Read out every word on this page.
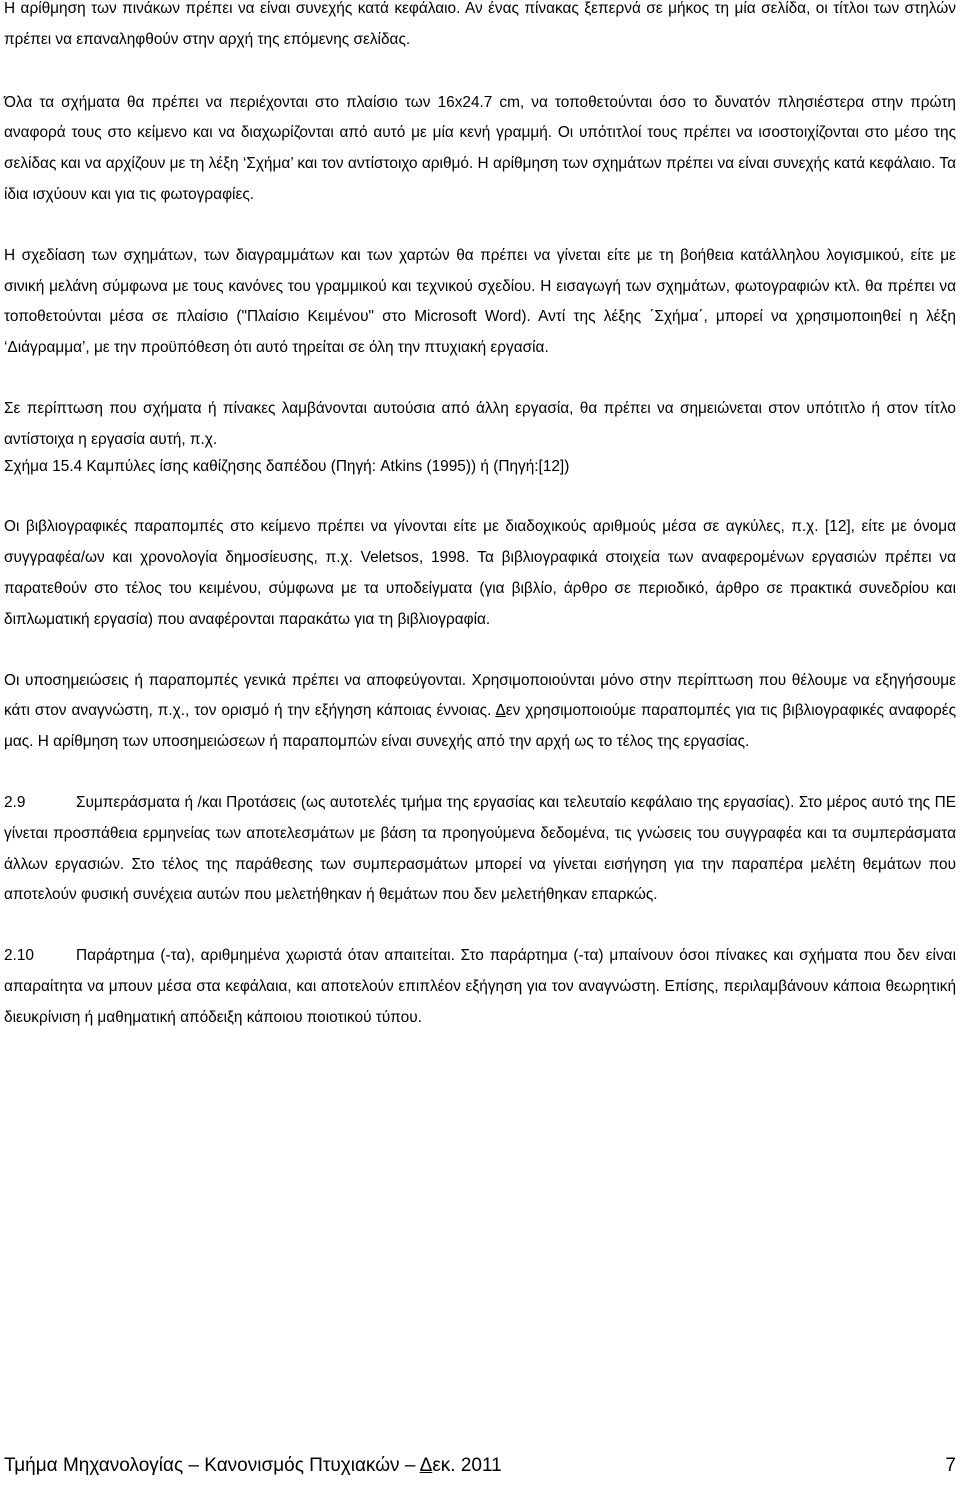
Η αρίθμηση των πινάκων πρέπει να είναι συνεχής κατά κεφάλαιο. Αν ένας πίνακας ξεπερνά σε μήκος τη μία σελίδα, οι τίτλοι των στηλών πρέπει να επαναληφθούν στην αρχή της επόμενης σελίδας.

Όλα τα σχήματα θα πρέπει να περιέχονται στο πλαίσιο των 16x24.7 cm, να τοποθετούνται όσο το δυνατόν πλησιέστερα στην πρώτη αναφορά τους στο κείμενο και να διαχωρίζονται από αυτό με μία κενή γραμμή. Οι υπότιτλοί τους πρέπει να ισοστοιχίζονται στο μέσο της σελίδας και να αρχίζουν με τη λέξη ‘Σχήμα’ και τον αντίστοιχο αριθμό. Η αρίθμηση των σχημάτων πρέπει να είναι συνεχής κατά κεφάλαιο. Τα ίδια ισχύουν και για τις φωτογραφίες.

Η σχεδίαση των σχημάτων, των διαγραμμάτων και των χαρτών θα πρέπει να γίνεται είτε με τη βοήθεια κατάλληλου λογισμικού, είτε με σινική μελάνη σύμφωνα με τους κανόνες του γραμμικού και τεχνικού σχεδίου. Η εισαγωγή των σχημάτων, φωτογραφιών κτλ. θα πρέπει να τοποθετούνται μέσα σε πλαίσιο ("Πλαίσιο Κειμένου" στο Microsoft Word). Αντί της λέξης ΄Σχήμα΄, μπορεί να χρησιμοποιηθεί η λέξη ‘Διάγραμμα’, με την προϋπόθεση ότι αυτό τηρείται σε όλη την πτυχιακή εργασία.

Σε περίπτωση που σχήματα ή πίνακες λαμβάνονται αυτούσια από άλλη εργασία, θα πρέπει να σημειώνεται στον υπότιτλο ή στον τίτλο αντίστοιχα η εργασία αυτή, π.χ.

Σχήμα 15.4 Καμπύλες ίσης καθίζησης δαπέδου (Πηγή: Atkins (1995)) ή (Πηγή:[12])

Οι βιβλιογραφικές παραπομπές στο κείμενο πρέπει να γίνονται είτε με διαδοχικούς αριθμούς μέσα σε αγκύλες, π.χ. [12], είτε με όνομα συγγραφέα/ων και χρονολογία δημοσίευσης, π.χ. Veletsos, 1998. Τα βιβλιογραφικά στοιχεία των αναφερομένων εργασιών πρέπει να παρατεθούν στο τέλος του κειμένου, σύμφωνα με τα υποδείγματα (για βιβλίο, άρθρο σε περιοδικό, άρθρο σε πρακτικά συνεδρίου και διπλωματική εργασία) που αναφέρονται παρακάτω για τη βιβλιογραφία.

Οι υποσημειώσεις ή παραπομπές γενικά πρέπει να αποφεύγονται. Χρησιμοποιούνται μόνο στην περίπτωση που θέλουμε να εξηγήσουμε κάτι στον αναγνώστη, π.χ., τον ορισμό ή την εξήγηση κάποιας έννοιας. Δεν χρησιμοποιούμε παραπομπές για τις βιβλιογραφικές αναφορές μας. Η αρίθμηση των υποσημειώσεων ή παραπομπών είναι συνεχής από την αρχή ως το τέλος της εργασίας.

2.9	Συμπεράσματα ή /και Προτάσεις (ως αυτοτελές τμήμα της εργασίας και τελευταίο κεφάλαιο της εργασίας). Στο μέρος αυτό της ΠΕ γίνεται προσπάθεια ερμηνείας των αποτελεσμάτων με βάση τα προηγούμενα δεδομένα, τις γνώσεις του συγγραφέα και τα συμπεράσματα άλλων εργασιών. Στο τέλος της παράθεσης των συμπερασμάτων μπορεί να γίνεται εισήγηση για την παραπέρα μελέτη θεμάτων που αποτελούν φυσική συνέχεια αυτών που μελετήθηκαν ή θεμάτων που δεν μελετήθηκαν επαρκώς.

2.10	Παράρτημα (-τα), αριθμημένα χωριστά όταν απαιτείται. Στο παράρτημα (-τα) μπαίνουν όσοι πίνακες και σχήματα που δεν είναι απαραίτητα να μπουν μέσα στα κεφάλαια, και αποτελούν επιπλέον εξήγηση για τον αναγνώστη. Επίσης, περιλαμβάνουν κάποια θεωρητική διευκρίνιση ή μαθηματική απόδειξη κάποιου ποιοτικού τύπου.

Τμήμα Μηχανολογίας – Κανονισμός Πτυχιακών – Δεκ. 2011	7
